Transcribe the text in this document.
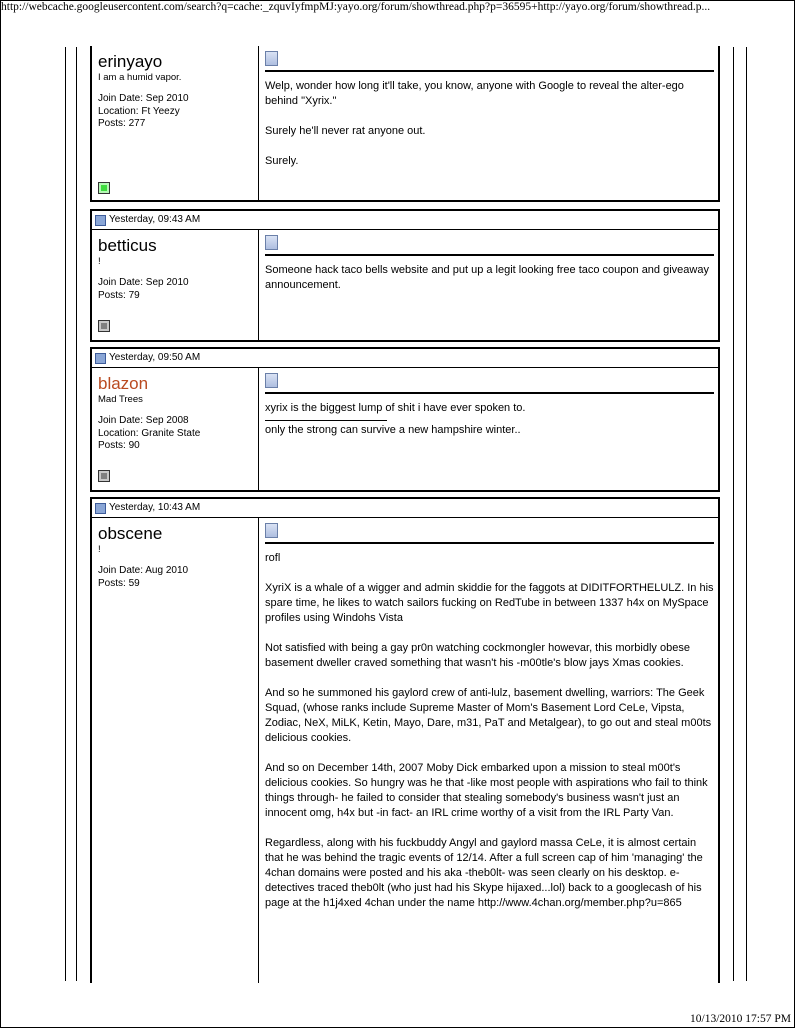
http://webcache.googleusercontent.com/search?q=cache:_zquvIyfmpMJ:yayo.org/forum/showthread.php?p=36595+http://yayo.org/forum/showthread.p...
erinyayo
I am a humid vapor.
Join Date: Sep 2010
Location: Ft Yeezy
Posts: 277

Welp, wonder how long it'll take, you know, anyone with Google to reveal the alter-ego behind "Xyrix."

Surely he'll never rat anyone out.

Surely.

Yesterday, 09:43 AM
betticus
!
Join Date: Sep 2010
Posts: 79

Someone hack taco bells website and put up a legit looking free taco coupon and giveaway announcement.

Yesterday, 09:50 AM
blazon
Mad Trees
Join Date: Sep 2008
Location: Granite State
Posts: 90

xyrix is the biggest lump of shit i have ever spoken to.

only the strong can survive a new hampshire winter..
Yesterday, 10:43 AM
obscene
!
Join Date: Aug 2010
Posts: 59

rofl

XyriX is a whale of a wigger and admin skiddie for the faggots at DIDITFORTHELULZ. In his spare time, he likes to watch sailors fucking on RedTube in between 1337 h4x on MySpace profiles using Windohs Vista

Not satisfied with being a gay pr0n watching cockmongler howevar, this morbidly obese basement dweller craved something that wasn't his -m00tle's blow jays Xmas cookies.

And so he summoned his gaylord crew of anti-lulz, basement dwelling, warriors: The Geek Squad, (whose ranks include Supreme Master of Mom's Basement Lord CeLe, Vipsta, Zodiac, NeX, MiLK, Ketin, Mayo, Dare, m31, PaT and Metalgear), to go out and steal m00ts delicious cookies.

And so on December 14th, 2007 Moby Dick embarked upon a mission to steal m00t's delicious cookies. So hungry was he that -like most people with aspirations who fail to think things through- he failed to consider that stealing somebody's business wasn't just an innocent omg, h4x but -in fact- an IRL crime worthy of a visit from the IRL Party Van.

Regardless, along with his fuckbuddy Angyl and gaylord massa CeLe, it is almost certain that he was behind the tragic events of 12/14. After a full screen cap of him 'managing' the 4chan domains were posted and his aka -theb0lt- was seen clearly on his desktop. e-detectives traced theb0lt (who just had his Skype hijaxed...lol) back to a googlecash of his page at the h1j4xed 4chan under the name http://www.4chan.org/member.php?u=865

10/13/2010 17:57 PM
